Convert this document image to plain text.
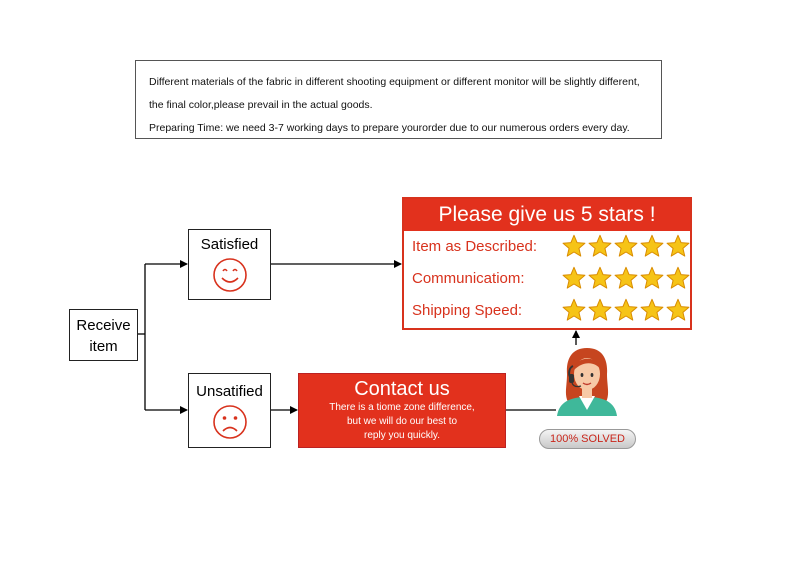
Different materials of the fabric in different shooting equipment or different monitor will be slightly different,
the final color,please prevail in the actual goods.
Preparing Time: we need 3-7 working days to prepare yourorder due to our numerous orders every day.
Receive
item
Satisfied
Unsatified
Please give us 5 stars !
Item as Described:
Communicatiom:
Shipping Speed:
Contact us
There is a tiome zone difference,
but we will do our best to
reply you quickly.	100% SOLVED
